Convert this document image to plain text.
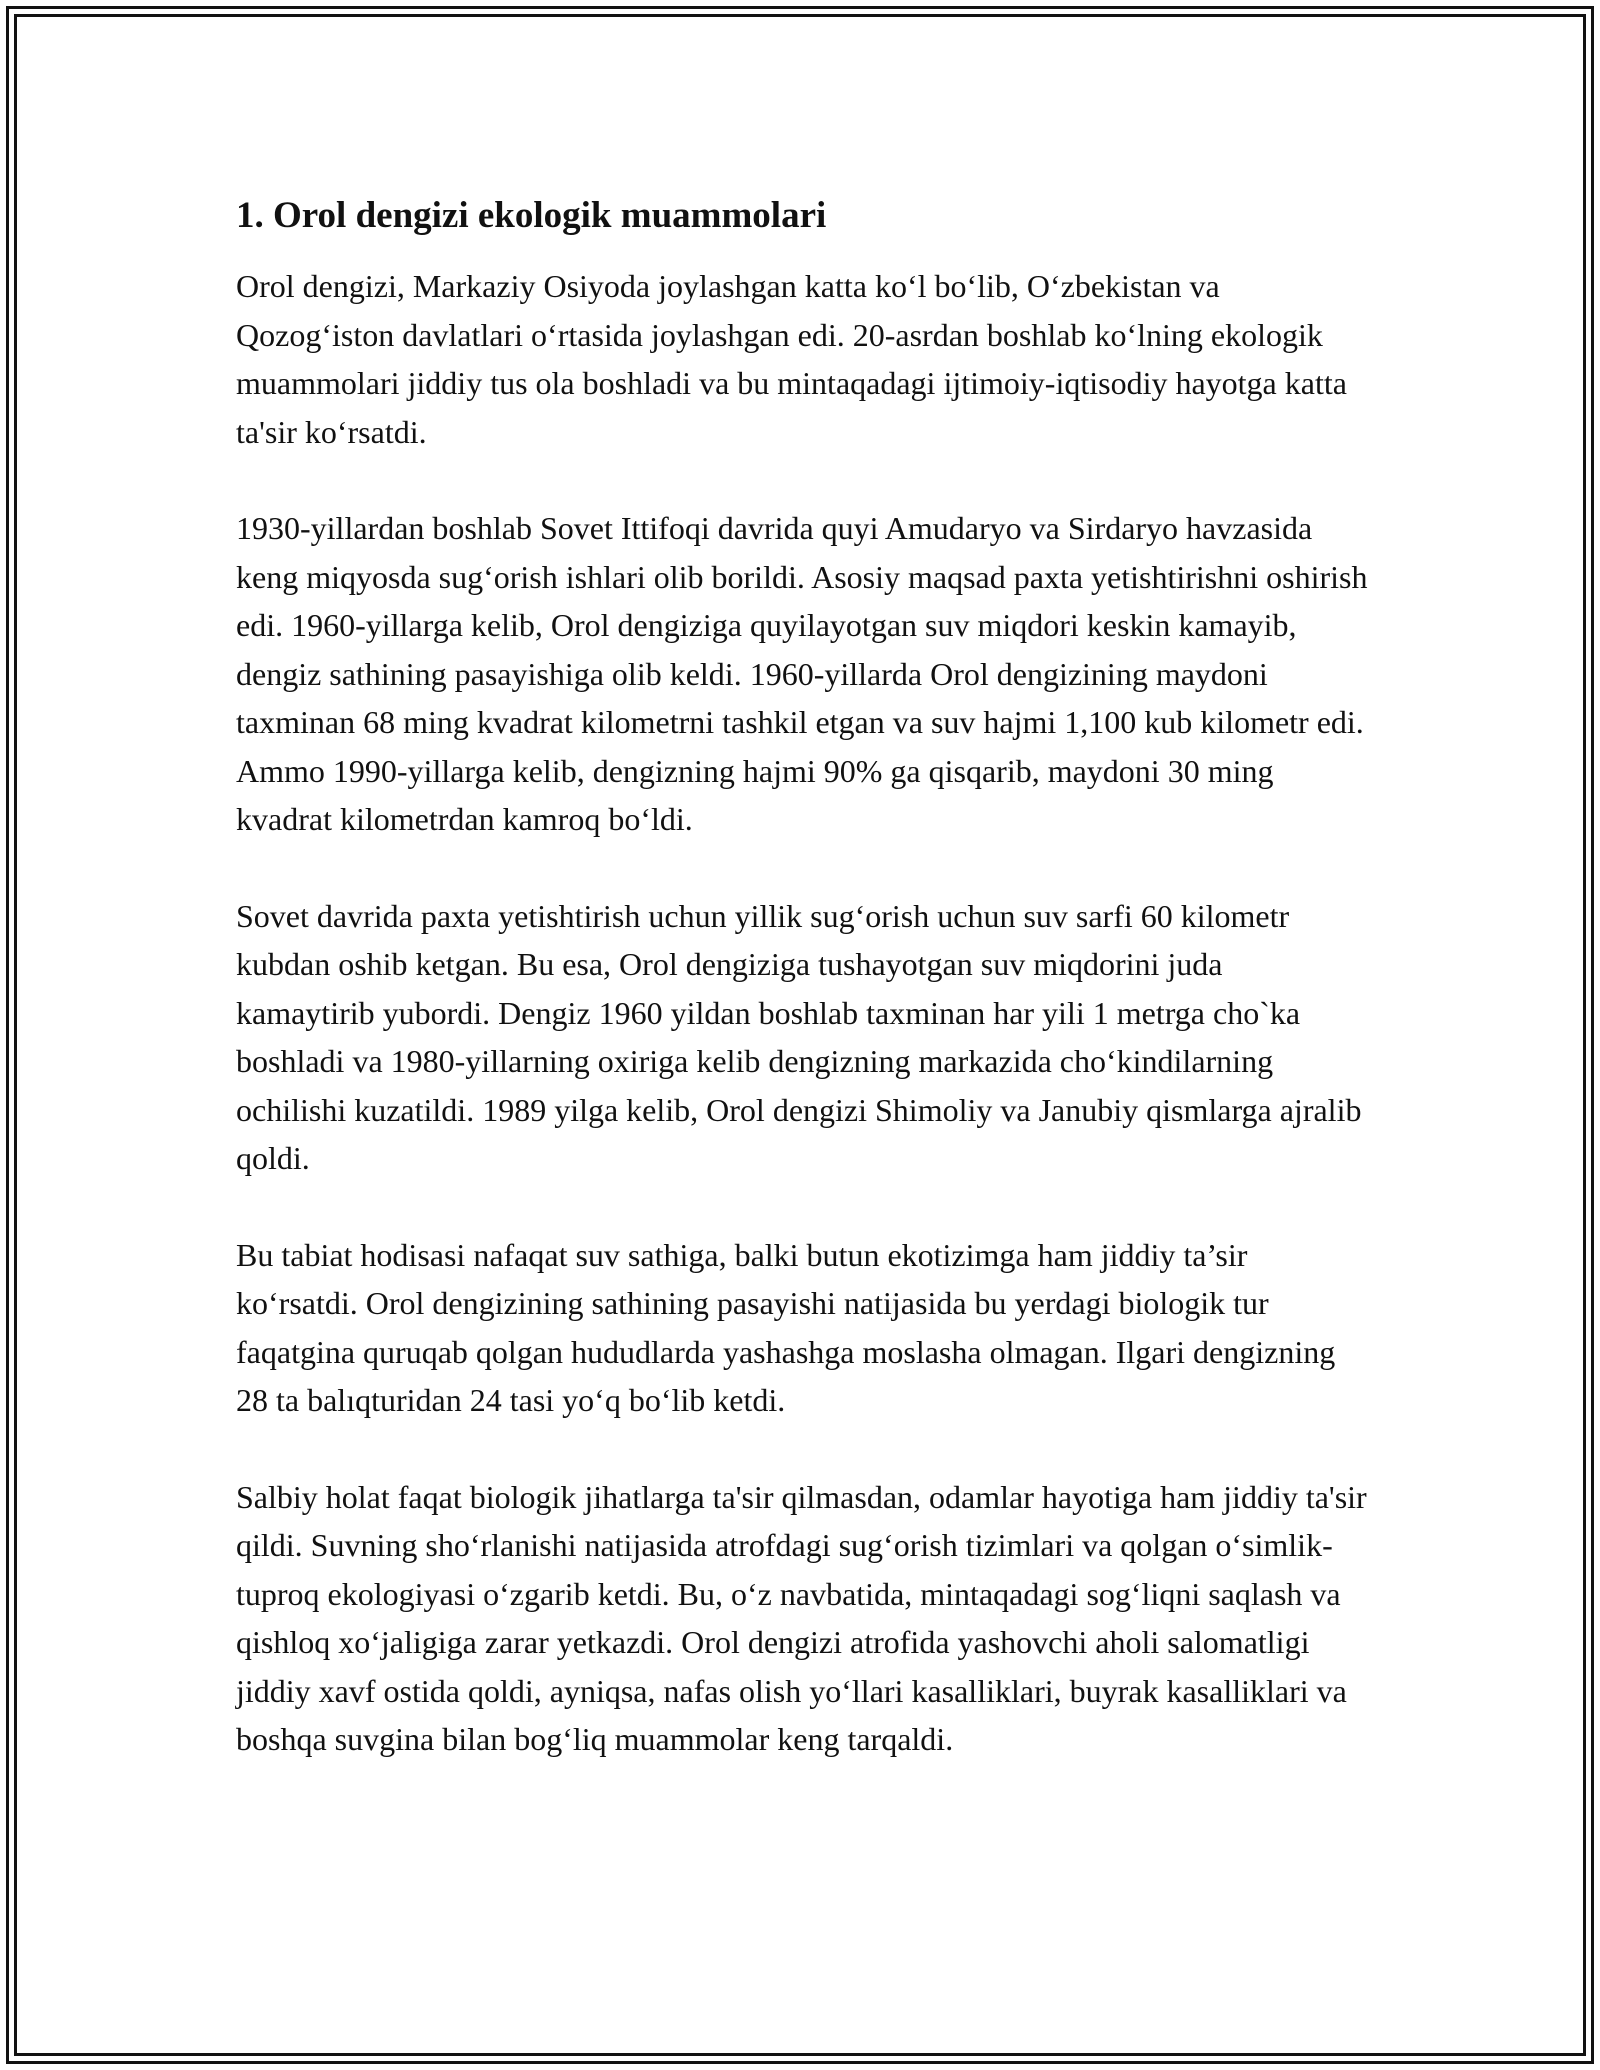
1. Orol dengizi ekologik muammolari

Orol dengizi, Markaziy Osiyoda joylashgan katta koʻl boʻlib, Oʻzbekistan va Qozogʻiston davlatlari oʻrtasida joylashgan edi. 20-asrdan boshlab koʻlning ekologik muammolari jiddiy tus ola boshladi va bu mintaqadagi ijtimoiy-iqtisodiy hayotga katta ta'sir koʻrsatdi.

1930-yillardan boshlab Sovet Ittifoqi davrida quyi Amudaryo va Sirdaryo havzasida keng miqyosda sugʻorish ishlari olib borildi. Asosiy maqsad paxta yetishtirishni oshirish edi. 1960-yillarga kelib, Orol dengiziga quyilayotgan suv miqdori keskin kamayib, dengiz sathining pasayishiga olib keldi. 1960-yillarda Orol dengizining maydoni taxminan 68 ming kvadrat kilometrni tashkil etgan va suv hajmi 1,100 kub kilometr edi. Ammo 1990-yillarga kelib, dengizning hajmi 90% ga qisqarib, maydoni 30 ming kvadrat kilometrdan kamroq boʻldi.

Sovet davrida paxta yetishtirish uchun yillik sugʻorish uchun suv sarfi 60 kilometr kubdan oshib ketgan. Bu esa, Orol dengiziga tushayotgan suv miqdorini juda kamaytirib yubordi. Dengiz 1960 yildan boshlab taxminan har yili 1 metrga cho`ka boshladi va 1980-yillarning oxiriga kelib dengizning markazida choʻkindilarning ochilishi kuzatildi. 1989 yilga kelib, Orol dengizi Shimoliy va Janubiy qismlarga ajralib qoldi.

Bu tabiat hodisasi nafaqat suv sathiga, balki butun ekotizimga ham jiddiy ta’sir koʻrsatdi. Orol dengizining sathining pasayishi natijasida bu yerdagi biologik tur faqatgina quruqab qolgan hududlarda yashashga moslasha olmagan. Ilgari dengizning 28 ta balıqturidan 24 tasi yoʻq boʻlib ketdi.

Salbiy holat faqat biologik jihatlarga ta'sir qilmasdan, odamlar hayotiga ham jiddiy ta'sir qildi. Suvning shoʻrlanishi natijasida atrofdagi sugʻorish tizimlari va qolgan oʻsimlik-tuproq ekologiyasi oʻzgarib ketdi. Bu, oʻz navbatida, mintaqadagi sogʻliqni saqlash va qishloq xoʻjaligiga zarar yetkazdi. Orol dengizi atrofida yashovchi aholi salomatligi jiddiy xavf ostida qoldi, ayniqsa, nafas olish yoʻllari kasalliklari, buyrak kasalliklari va boshqa suvgina bilan bogʻliq muammolar keng tarqaldi.
